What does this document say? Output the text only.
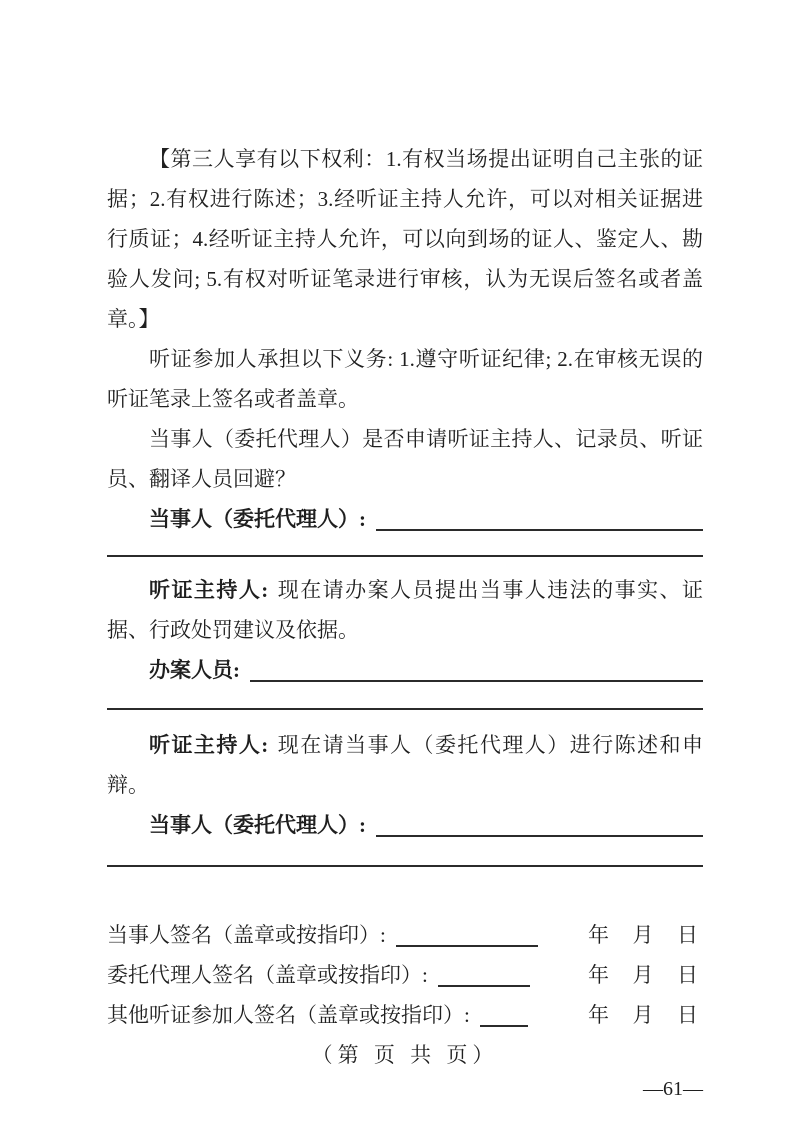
【第三人享有以下权利：1.有权当场提出证明自己主张的证据；2.有权进行陈述；3.经听证主持人允许，可以对相关证据进行质证；4.经听证主持人允许，可以向到场的证人、鉴定人、勘验人发问; 5.有权对听证笔录进行审核，认为无误后签名或者盖章。】

听证参加人承担以下义务: 1.遵守听证纪律; 2.在审核无误的听证笔录上签名或者盖章。

当事人（委托代理人）是否申请听证主持人、记录员、听证员、翻译人员回避？

当事人（委托代理人）:

听证主持人: 现在请办案人员提出当事人违法的事实、证据、行政处罚建议及依据。

办案人员:

听证主持人: 现在请当事人（委托代理人）进行陈述和申辩。

当事人（委托代理人）:
当事人签名（盖章或按指印）:	年 月 日
委托代理人签名（盖章或按指印）:	年 月 日
其他听证参加人签名（盖章或按指印）:	年 月 日

（第 页 共 页）

—61—
